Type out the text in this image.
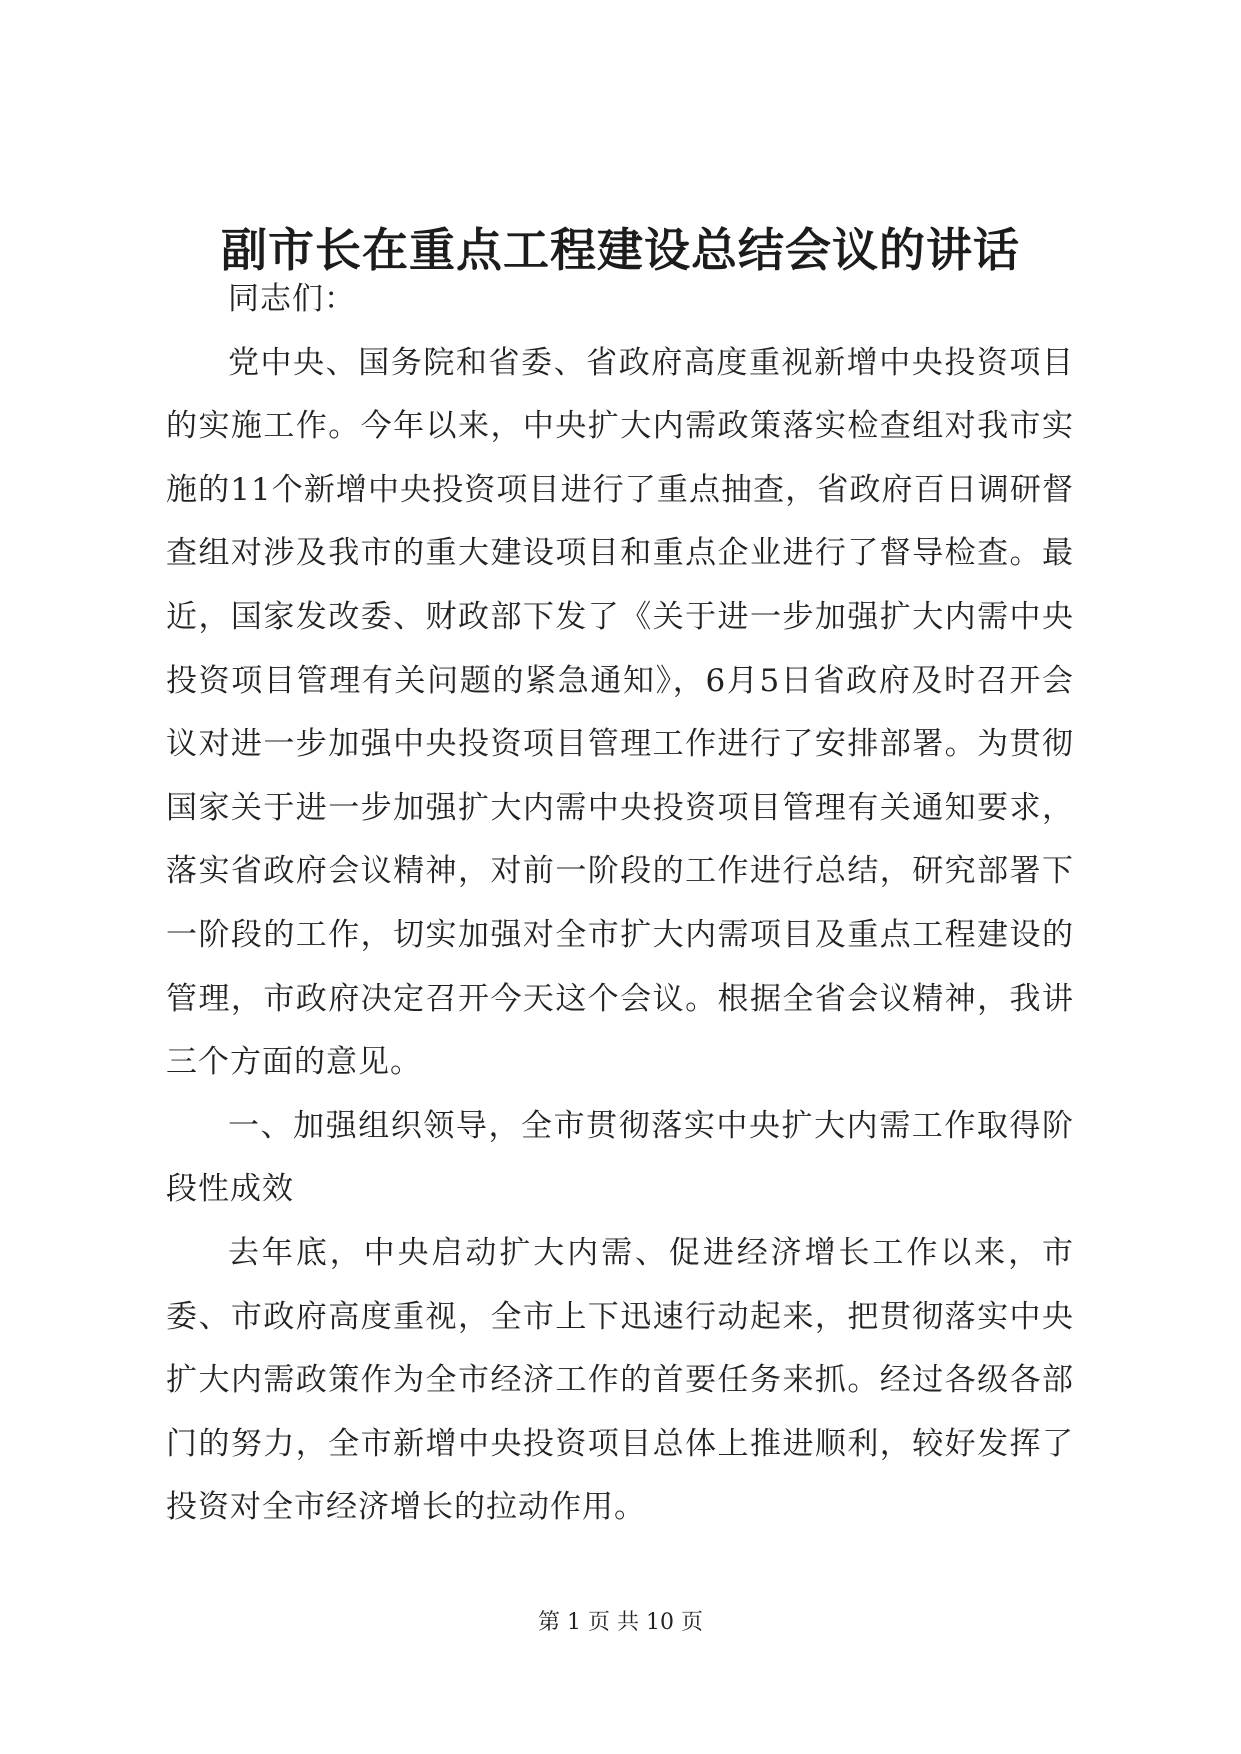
副市长在重点工程建设总结会议的讲话

同志们：

党中央、国务院和省委、省政府高度重视新增中央投资项目的实施工作。今年以来，中央扩大内需政策落实检查组对我市实施的11个新增中央投资项目进行了重点抽查，省政府百日调研督查组对涉及我市的重大建设项目和重点企业进行了督导检查。最近，国家发改委、财政部下发了《关于进一步加强扩大内需中央投资项目管理有关问题的紧急通知》，6月5日省政府及时召开会议对进一步加强中央投资项目管理工作进行了安排部署。为贯彻国家关于进一步加强扩大内需中央投资项目管理有关通知要求，落实省政府会议精神，对前一阶段的工作进行总结，研究部署下一阶段的工作，切实加强对全市扩大内需项目及重点工程建设的管理，市政府决定召开今天这个会议。根据全省会议精神，我讲三个方面的意见。

一、加强组织领导，全市贯彻落实中央扩大内需工作取得阶段性成效

去年底，中央启动扩大内需、促进经济增长工作以来，市委、市政府高度重视，全市上下迅速行动起来，把贯彻落实中央扩大内需政策作为全市经济工作的首要任务来抓。经过各级各部门的努力，全市新增中央投资项目总体上推进顺利，较好发挥了投资对全市经济增长的拉动作用。

第 1 页 共 10 页
